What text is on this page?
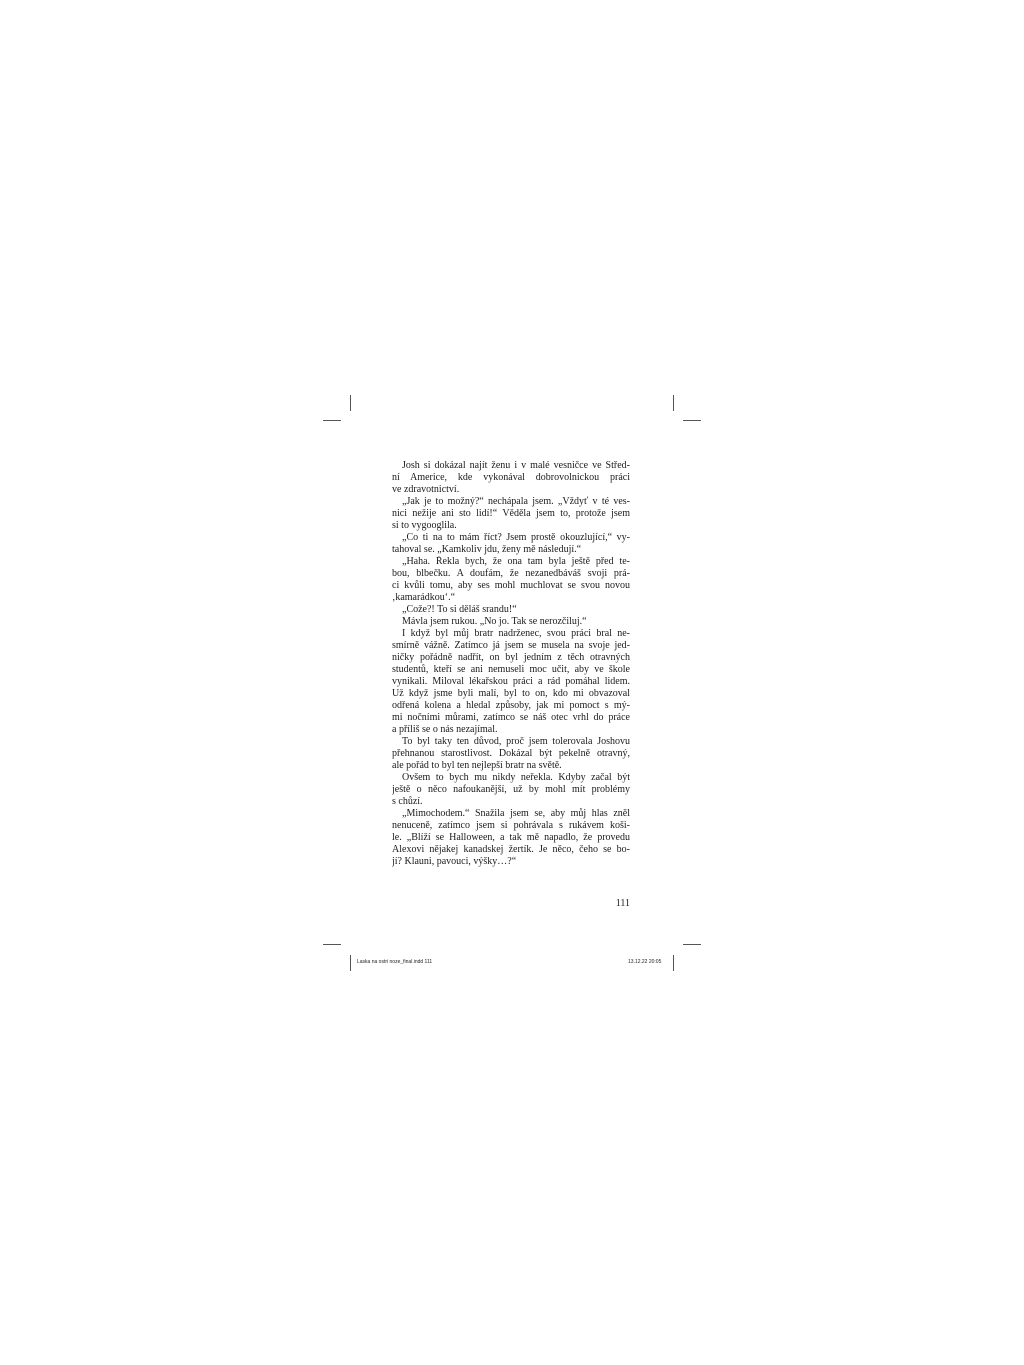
Josh si dokázal najít ženu i v malé vesničce ve Střed-
ní Americe, kde vykonával dobrovolnickou práci
ve zdravotnictví.
„Jak je to možný?“ nechápala jsem. „Vždyť v té ves-
nici nežije ani sto lidí!“ Věděla jsem to, protože jsem
si to vygooglila.
„Co ti na to mám říct? Jsem prostě okouzlující,“ vy-
tahoval se. „Kamkoliv jdu, ženy mě následují.“
„Haha. Řekla bych, že ona tam byla ještě před te-
bou, blbečku. A doufám, že nezanedbáváš svoji prá-
ci kvůli tomu, aby ses mohl muchlovat se svou novou
‚kamarádkou‘.“
„Cože?! To si děláš srandu!“
Mávla jsem rukou. „No jo. Tak se nerozčiluj.“
I když byl můj bratr nadrženec, svou práci bral ne-
smírně vážně. Zatímco já jsem se musela na svoje jed-
ničky pořádně nadřít, on byl jedním z těch otravných
studentů, kteří se ani nemuseli moc učit, aby ve škole
vynikali. Miloval lékařskou práci a rád pomáhal lidem.
Už když jsme byli malí, byl to on, kdo mi obvazoval
odřená kolena a hledal způsoby, jak mi pomoct s mý-
mi nočními můrami, zatímco se náš otec vrhl do práce
a příliš se o nás nezajímal.
To byl taky ten důvod, proč jsem tolerovala Joshovu
přehnanou starostlivost. Dokázal být pekelně otravný,
ale pořád to byl ten nejlepší bratr na světě.
Ovšem to bych mu nikdy neřekla. Kdyby začal být
ještě o něco nafoukanější, už by mohl mít problémy
s chůzí.
„Mimochodem.“ Snažila jsem se, aby můj hlas zněl
nenuceně, zatímco jsem si pohrávala s rukávem koši-
le. „Blíží se Halloween, a tak mě napadlo, že provedu
Alexovi nějakej kanadskej žertík. Je něco, čeho se bo-
jí? Klauni, pavouci, výšky…?“
111
Laska na ostri noze_final.indd 111	13.12.22 20:05
